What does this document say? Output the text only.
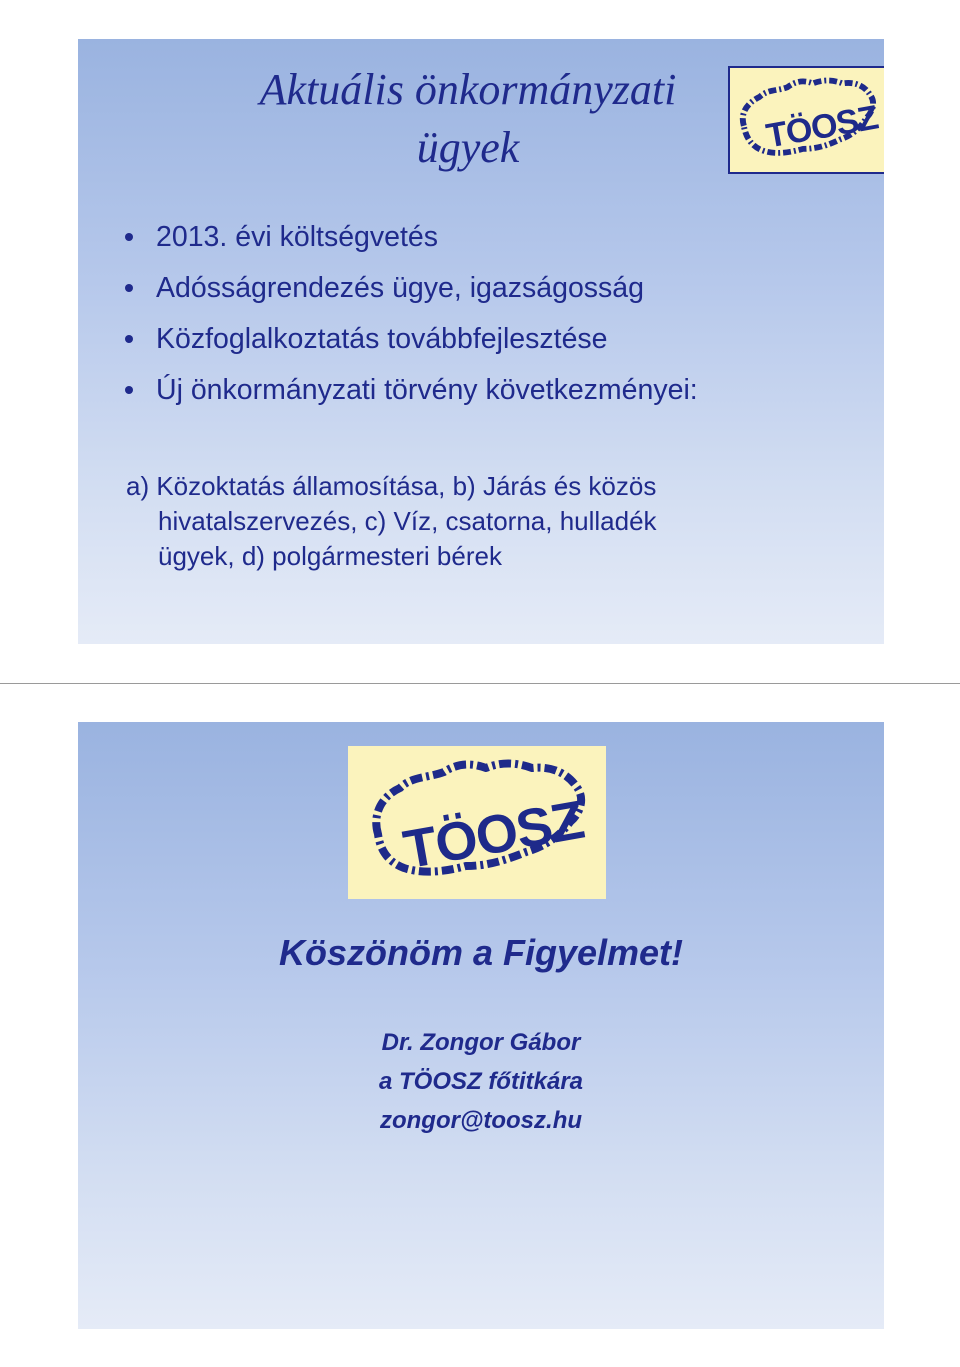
Aktuális önkormányzati
ügyek	TÖOSZ
2013. évi költségvetés
Adósságrendezés ügye, igazságosság
Közfoglalkoztatás továbbfejlesztése
Új önkormányzati törvény következményei:
a) Közoktatás államosítása, b) Járás és közös
hivatalszervezés, c) Víz, csatorna, hulladék
ügyek, d) polgármesteri bérek
TÖOSZ
Köszönöm a Figyelmet!
Dr. Zongor Gábor
a TÖOSZ főtitkára
zongor@toosz.hu
